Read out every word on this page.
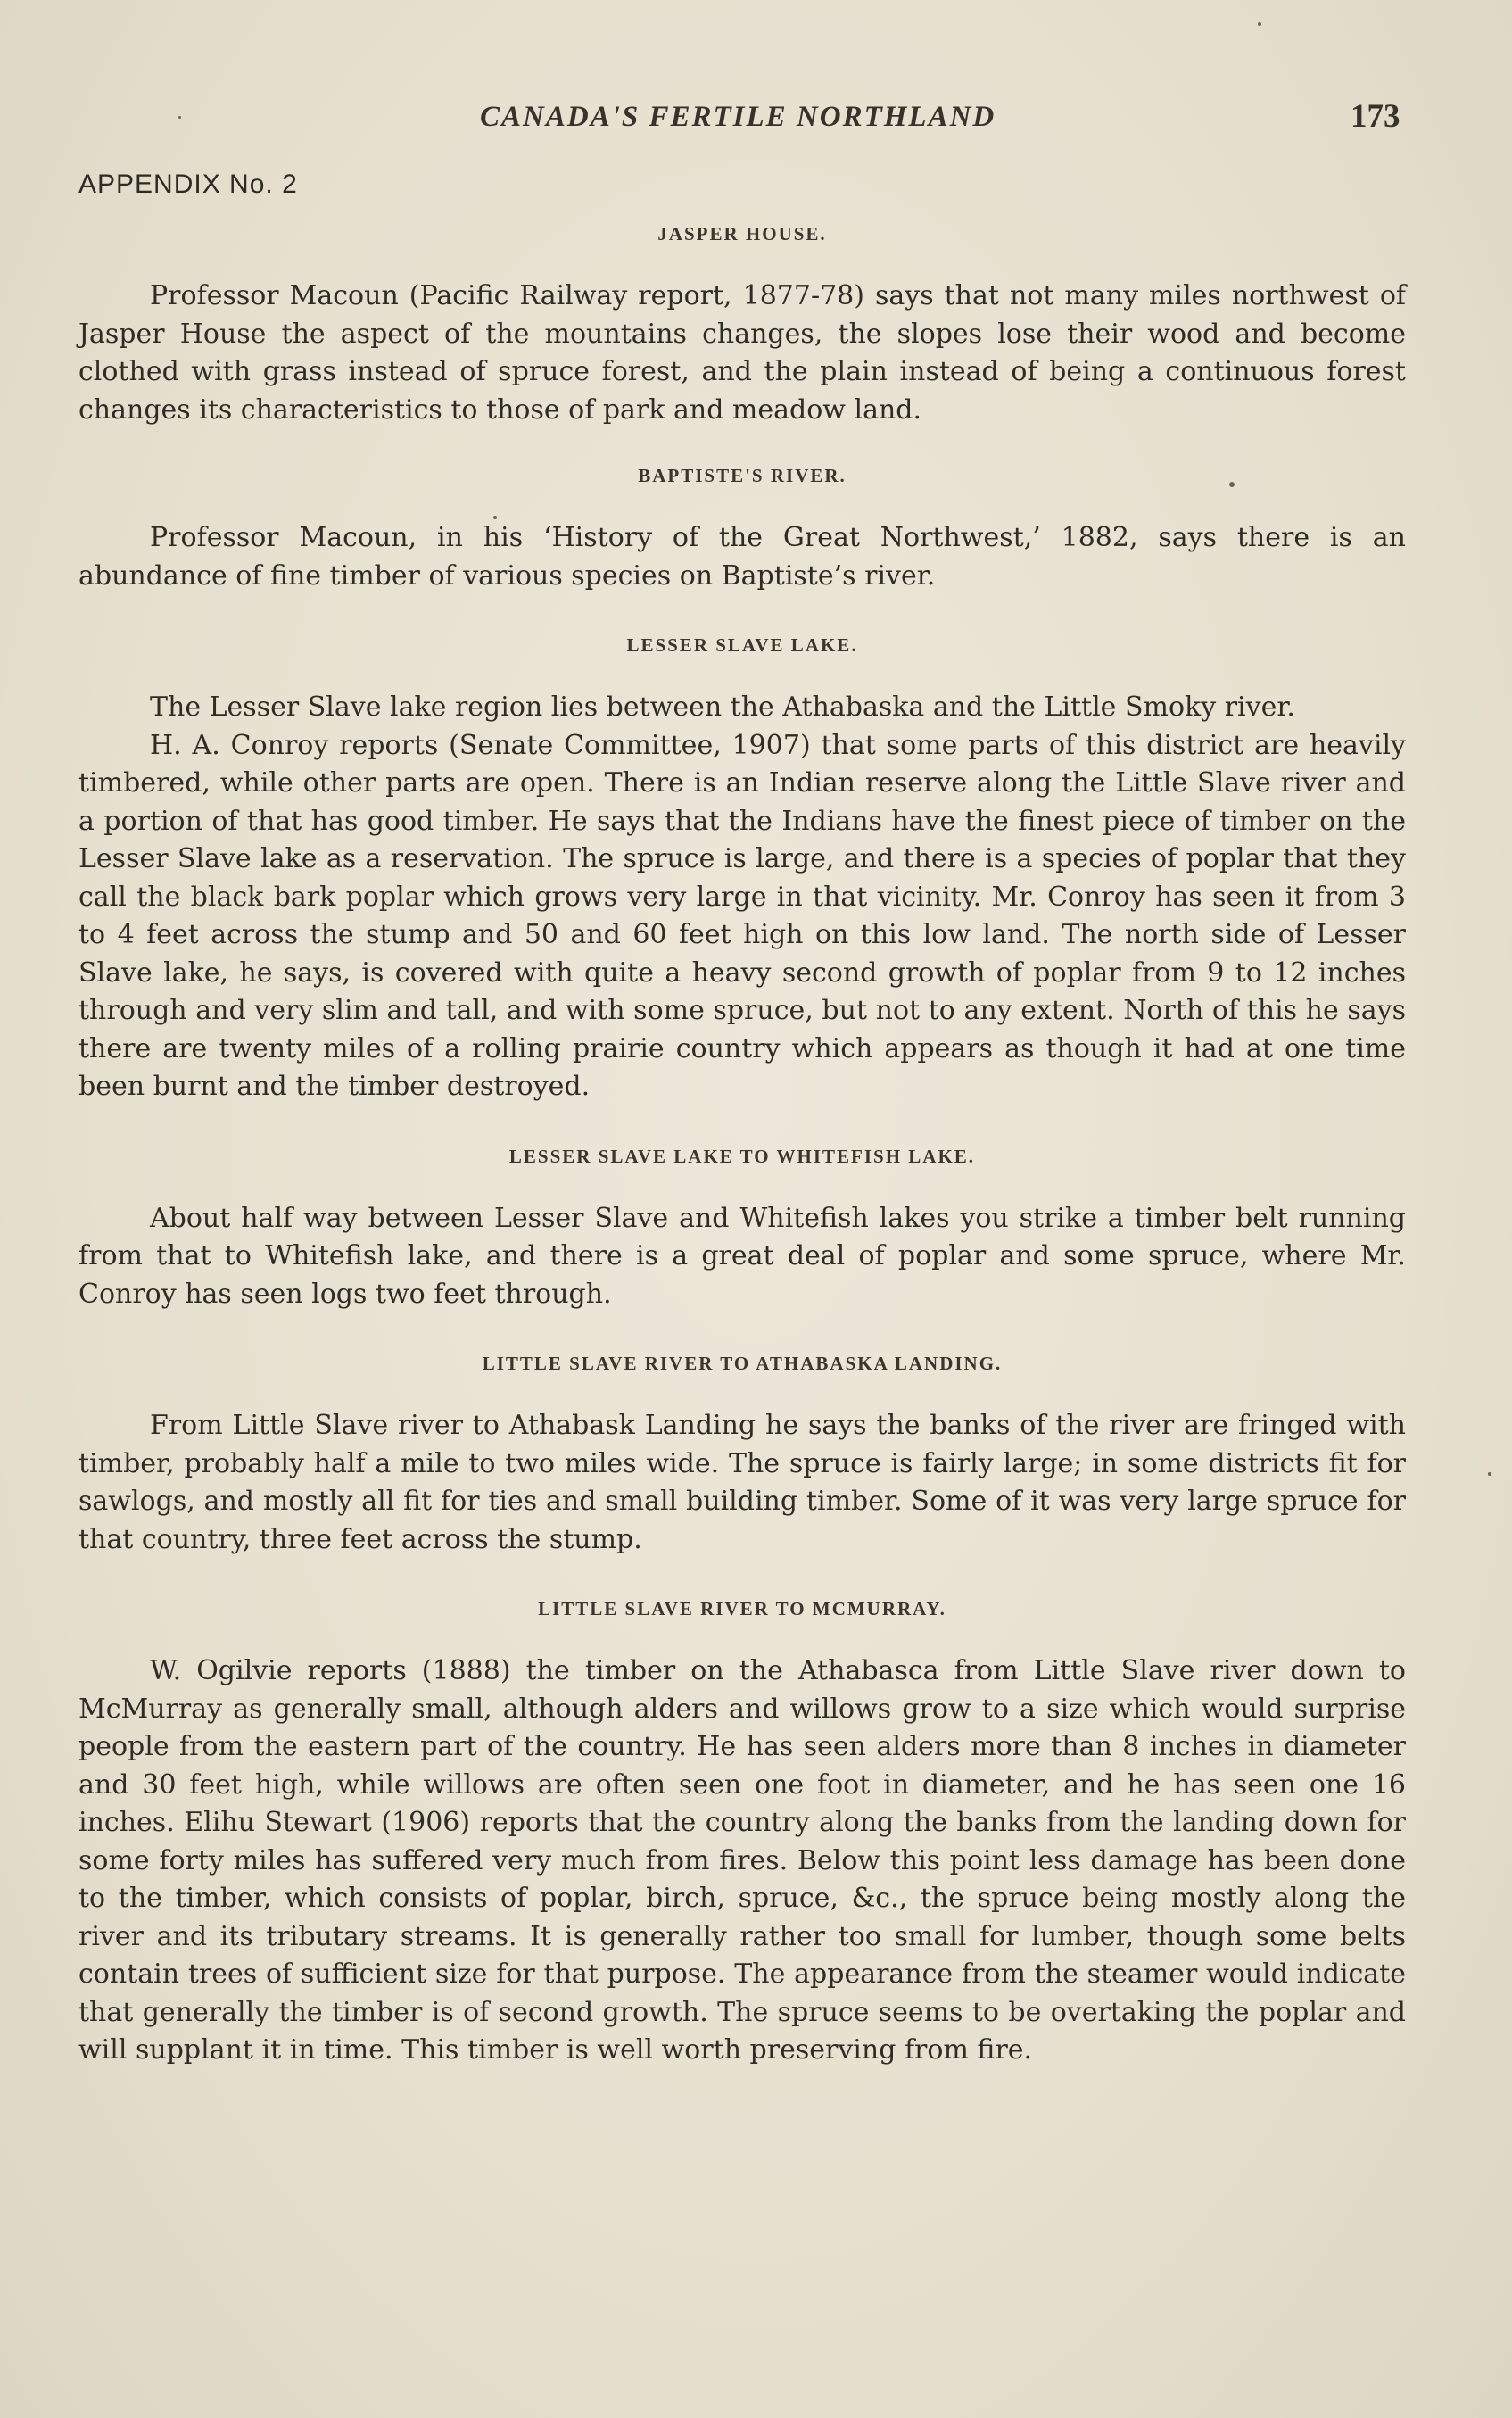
CANADA'S FERTILE NORTHLAND	173
APPENDIX No. 2
JASPER HOUSE.

Professor Macoun (Pacific Railway report, 1877-78) says that not many miles northwest of Jasper House the aspect of the mountains changes, the slopes lose their wood and become clothed with grass instead of spruce forest, and the plain instead of being a continuous forest changes its characteristics to those of park and meadow land.

BAPTISTE'S RIVER.

Professor Macoun, in his ‘History of the Great Northwest,’ 1882, says there is an abundance of fine timber of various species on Baptiste’s river.

LESSER SLAVE LAKE.

The Lesser Slave lake region lies between the Athabaska and the Little Smoky river.

H. A. Conroy reports (Senate Committee, 1907) that some parts of this district are heavily timbered, while other parts are open. There is an Indian reserve along the Little Slave river and a portion of that has good timber. He says that the Indians have the finest piece of timber on the Lesser Slave lake as a reservation. The spruce is large, and there is a species of poplar that they call the black bark poplar which grows very large in that vicinity. Mr. Conroy has seen it from 3 to 4 feet across the stump and 50 and 60 feet high on this low land. The north side of Lesser Slave lake, he says, is covered with quite a heavy second growth of poplar from 9 to 12 inches through and very slim and tall, and with some spruce, but not to any extent. North of this he says there are twenty miles of a rolling prairie country which appears as though it had at one time been burnt and the timber destroyed.

LESSER SLAVE LAKE TO WHITEFISH LAKE.

About half way between Lesser Slave and Whitefish lakes you strike a timber belt running from that to Whitefish lake, and there is a great deal of poplar and some spruce, where Mr. Conroy has seen logs two feet through.

LITTLE SLAVE RIVER TO ATHABASKA LANDING.

From Little Slave river to Athabask Landing he says the banks of the river are fringed with timber, probably half a mile to two miles wide. The spruce is fairly large; in some districts fit for sawlogs, and mostly all fit for ties and small building timber. Some of it was very large spruce for that country, three feet across the stump.

LITTLE SLAVE RIVER TO MCMURRAY.

W. Ogilvie reports (1888) the timber on the Athabasca from Little Slave river down to McMurray as generally small, although alders and willows grow to a size which would surprise people from the eastern part of the country. He has seen alders more than 8 inches in diameter and 30 feet high, while willows are often seen one foot in diameter, and he has seen one 16 inches. Elihu Stewart (1906) reports that the country along the banks from the landing down for some forty miles has suffered very much from fires. Below this point less damage has been done to the timber, which consists of poplar, birch, spruce, &c., the spruce being mostly along the river and its tributary streams. It is generally rather too small for lumber, though some belts contain trees of sufficient size for that purpose. The appearance from the steamer would indicate that generally the timber is of second growth. The spruce seems to be overtaking the poplar and will supplant it in time. This timber is well worth preserving from fire.
